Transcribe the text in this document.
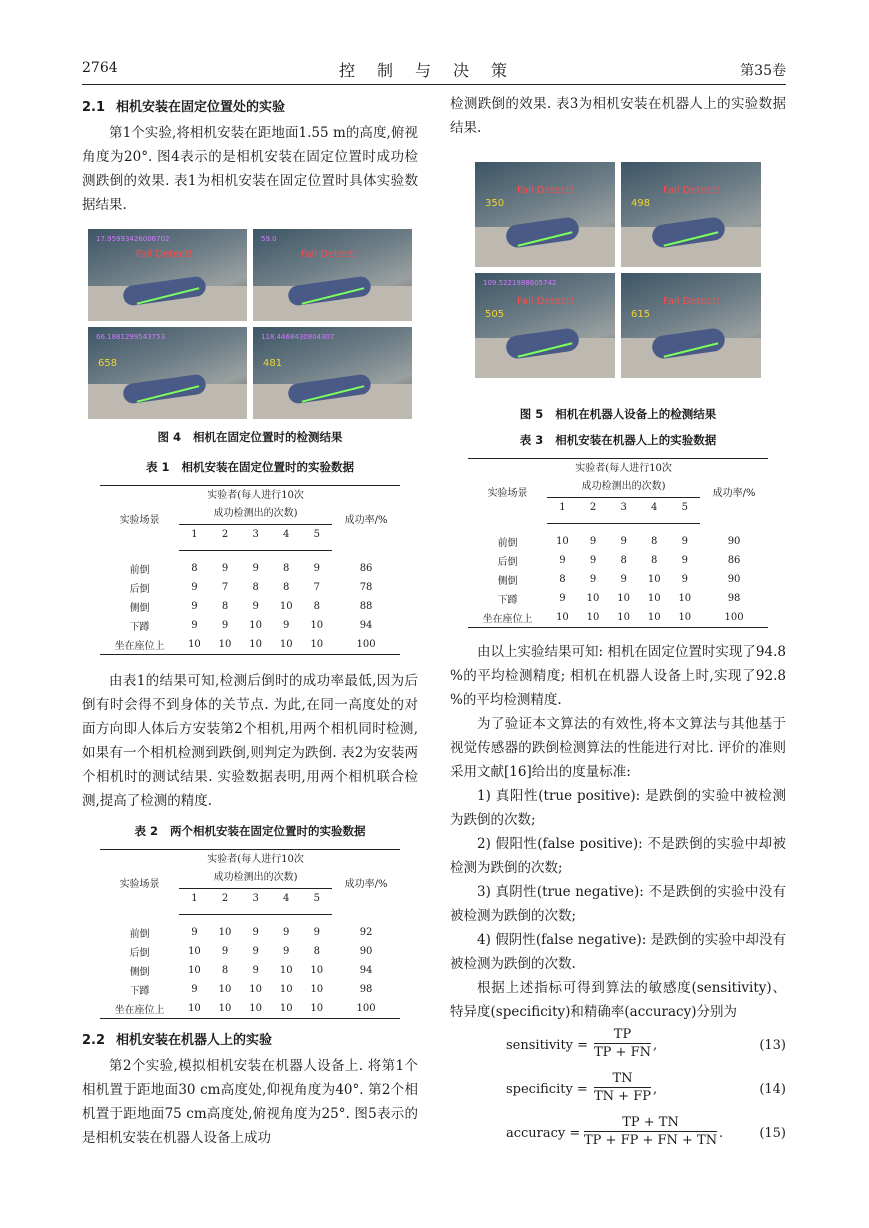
2764	控制与决策	第35卷
2.1 相机安装在固定位置处的实验

第1个实验,将相机安装在距地面1.55 m的高度,俯视角度为20°. 图4表示的是相机安装在固定位置时成功检测跌倒的效果. 表1为相机安装在固定位置时具体实验数据结果.

17.95993426006702
Fall Detect!
59.0
Fall Detect!
66.1881299543753
658
118.4468430804307
481
图 4 相机在固定位置时的检测结果
表 1 相机安装在固定位置时的实验数据
实验场景	实验者(每人进行10次
成功检测出的次数)					成功率/%
	1	2	3	4	5	

前倒	8	9	9	8	9	86
后倒	9	7	8	8	7	78
侧倒	9	8	9	10	8	88
下蹲	9	9	10	9	10	94
坐在座位上	10	10	10	10	10	100

由表1的结果可知,检测后倒时的成功率最低,因为后倒有时会得不到身体的关节点. 为此,在同一高度处的对面方向即人体后方安装第2个相机,用两个相机同时检测,如果有一个相机检测到跌倒,则判定为跌倒. 表2为安装两个相机时的测试结果. 实验数据表明,用两个相机联合检测,提高了检测的精度.

表 2 两个相机安装在固定位置时的实验数据
实验场景	实验者(每人进行10次
成功检测出的次数)					成功率/%
	1	2	3	4	5	

前倒	9	10	9	9	9	92
后倒	10	9	9	9	8	90
侧倒	10	8	9	10	10	94
下蹲	9	10	10	10	10	98
坐在座位上	10	10	10	10	10	100
2.2 相机安装在机器人上的实验

第2个实验,模拟相机安装在机器人设备上. 将第1个相机置于距地面30 cm高度处,仰视角度为40°. 第2个相机置于距地面75 cm高度处,俯视角度为25°. 图5表示的是相机安装在机器人设备上成功

检测跌倒的效果. 表3为相机安装在机器人上的实验数据结果.

Fall Detect!
350
Fall Detect!
498
109.5221988605742
Fall Detect!
505
Fall Detect!
615
图 5 相机在机器人设备上的检测结果
表 3 相机安装在机器人上的实验数据
实验场景	实验者(每人进行10次
成功检测出的次数)					成功率/%
	1	2	3	4	5	

前倒	10	9	9	8	9	90
后倒	9	9	8	8	9	86
侧倒	8	9	9	10	9	90
下蹲	9	10	10	10	10	98
坐在座位上	10	10	10	10	10	100

由以上实验结果可知: 相机在固定位置时实现了94.8 %的平均检测精度; 相机在机器人设备上时,实现了92.8 %的平均检测精度.

为了验证本文算法的有效性,将本文算法与其他基于视觉传感器的跌倒检测算法的性能进行对比. 评价的准则采用文献[16]给出的度量标准:

1) 真阳性(true positive): 是跌倒的实验中被检测为跌倒的次数;

2) 假阳性(false positive): 不是跌倒的实验中却被检测为跌倒的次数;

3) 真阴性(true negative): 不是跌倒的实验中没有被检测为跌倒的次数;

4) 假阴性(false negative): 是跌倒的实验中却没有被检测为跌倒的次数.

根据上述指标可得到算法的敏感度(sensitivity)、特异度(specificity)和精确率(accuracy)分别为

sensitivity = $\frac{TP}{TP + FN}$ ,	(13)
specificity = $\frac{TN}{TN + FP}$ ,	(14)
accuracy = $\frac{TP + TN}{TP + FP + FN + TN}$ .	(15)
